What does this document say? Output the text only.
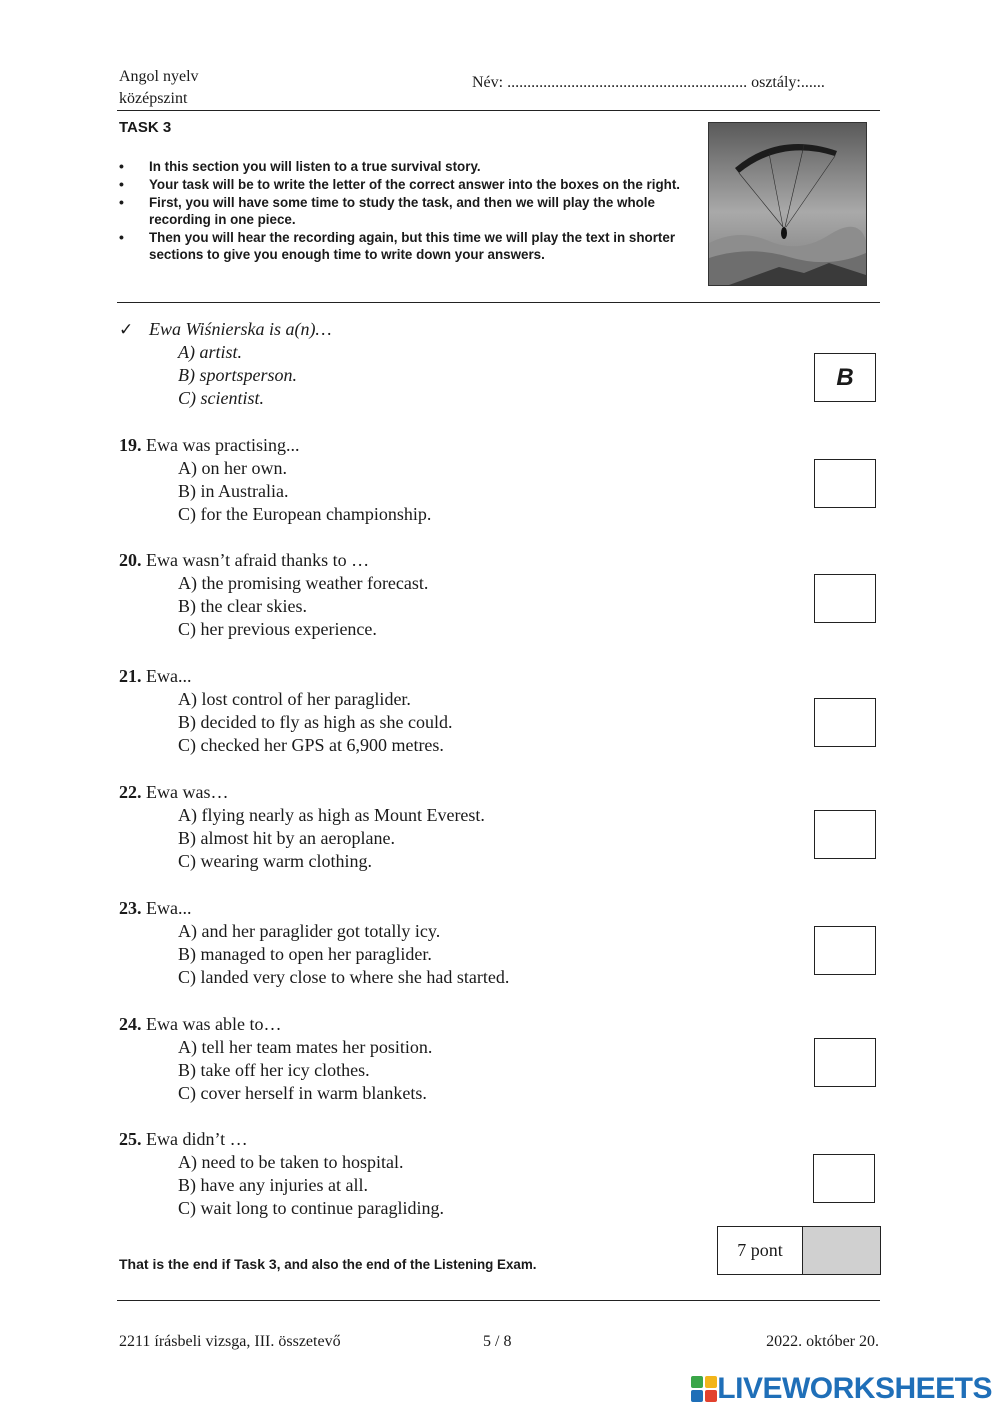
Angol nyelv
középszint
Név: ............................................................ osztály:......
TASK 3
• In this section you will listen to a true survival story.
• Your task will be to write the letter of the correct answer into the boxes on the right.
• First, you will have some time to study the task, and then we will play the whole recording in one piece.
• Then you will hear the recording again, but this time we will play the text in shorter sections to give you enough time to write down your answers.
✓ Ewa Wiśnierska is a(n)…
A) artist.
B) sportsperson.
C) scientist.
B
19. Ewa was practising...
A) on her own.
B) in Australia.
C) for the European championship.
20. Ewa wasn’t afraid thanks to …
A) the promising weather forecast.
B) the clear skies.
C) her previous experience.
21. Ewa...
A) lost control of her paraglider.
B) decided to fly as high as she could.
C) checked her GPS at 6,900 metres.
22. Ewa was…
A) flying nearly as high as Mount Everest.
B) almost hit by an aeroplane.
C) wearing warm clothing.
23. Ewa...
A) and her paraglider got totally icy.
B) managed to open her paraglider.
C) landed very close to where she had started.
24. Ewa was able to…
A) tell her team mates her position.
B) take off her icy clothes.
C) cover herself in warm blankets.
25. Ewa didn’t …
A) need to be taken to hospital.
B) have any injuries at all.
C) wait long to continue paragliding.
That is the end if Task 3, and also the end of the Listening Exam.
7 pont
2211 írásbeli vizsga, III. összetevő	5 / 8	2022. október 20.
LIVEWORKSHEETS
